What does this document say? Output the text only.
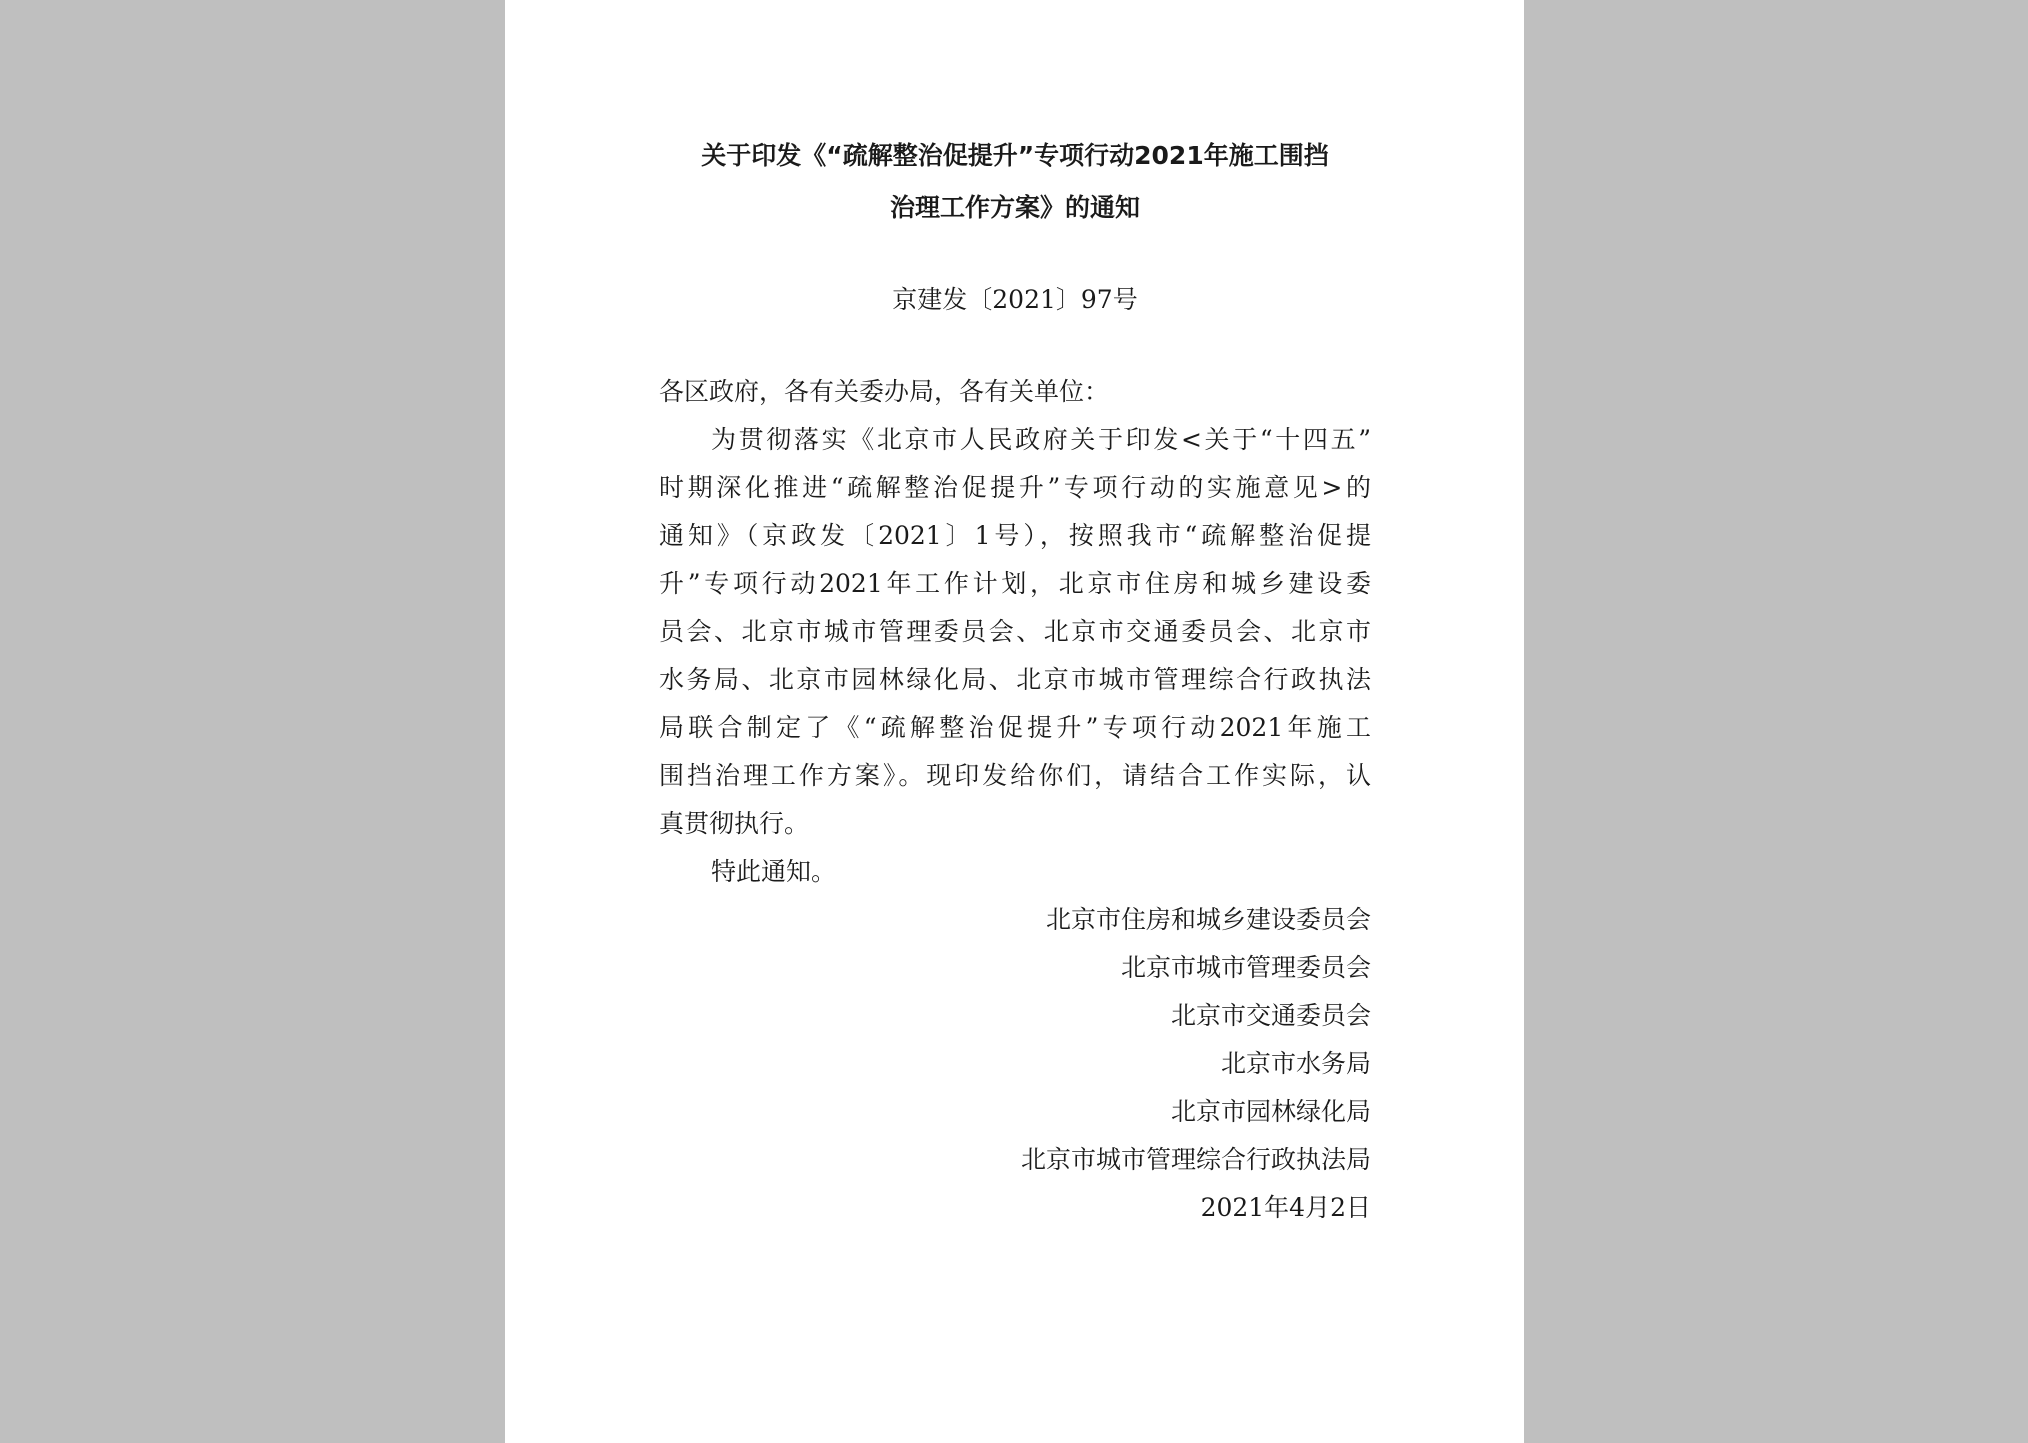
关于印发《“疏解整治促提升”专项行动2021年施工围挡
治理工作方案》的通知
京建发〔2021〕97号
各区政府，各有关委办局，各有关单位：
为贯彻落实《北京市人民政府关于印发<关于“十四五”
时期深化推进“疏解整治促提升”专项行动的实施意见>的
通知》（京政发〔2021〕1号），按照我市“疏解整治促提
升”专项行动2021年工作计划，北京市住房和城乡建设委
员会、北京市城市管理委员会、北京市交通委员会、北京市
水务局、北京市园林绿化局、北京市城市管理综合行政执法
局联合制定了《“疏解整治促提升”专项行动2021年施工
围挡治理工作方案》。现印发给你们，请结合工作实际，认
真贯彻执行。
特此通知。
北京市住房和城乡建设委员会
北京市城市管理委员会
北京市交通委员会
北京市水务局
北京市园林绿化局
北京市城市管理综合行政执法局
2021年4月2日
